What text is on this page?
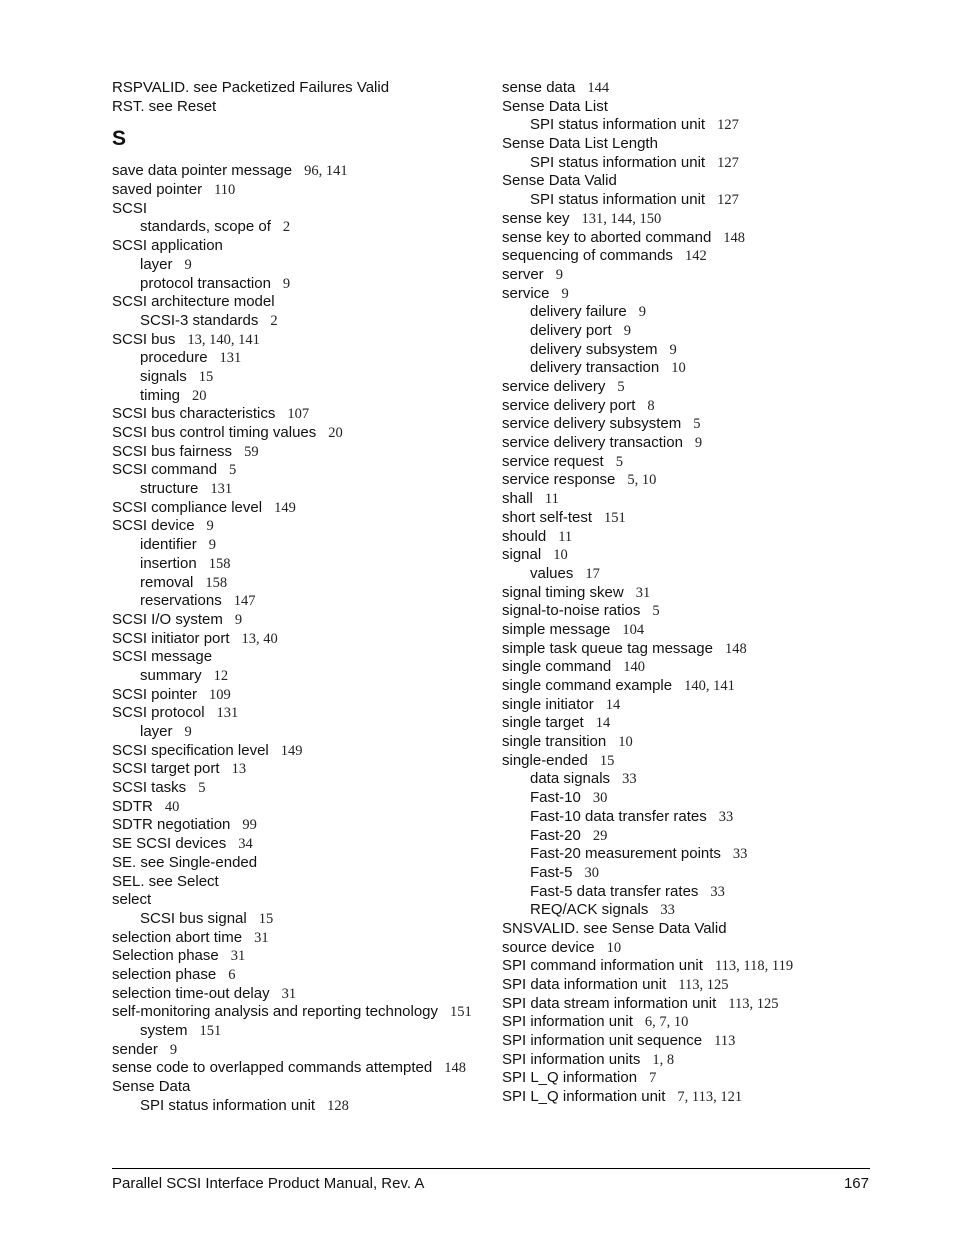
RSPVALID. see Packetized Failures Valid
RST. see Reset
S
save data pointer message 96, 141
saved pointer 110
SCSI
standards, scope of 2
SCSI application
layer 9
protocol transaction 9
SCSI architecture model
SCSI-3 standards 2
SCSI bus 13, 140, 141
procedure 131
signals 15
timing 20
SCSI bus characteristics 107
SCSI bus control timing values 20
SCSI bus fairness 59
SCSI command 5
structure 131
SCSI compliance level 149
SCSI device 9
identifier 9
insertion 158
removal 158
reservations 147
SCSI I/O system 9
SCSI initiator port 13, 40
SCSI message
summary 12
SCSI pointer 109
SCSI protocol 131
layer 9
SCSI specification level 149
SCSI target port 13
SCSI tasks 5
SDTR 40
SDTR negotiation 99
SE SCSI devices 34
SE. see Single-ended
SEL. see Select
select
SCSI bus signal 15
selection abort time 31
Selection phase 31
selection phase 6
selection time-out delay 31
self-monitoring analysis and reporting technology 151
system 151
sender 9
sense code to overlapped commands attempted 148
Sense Data
SPI status information unit 128
sense data 144
Sense Data List
SPI status information unit 127
Sense Data List Length
SPI status information unit 127
Sense Data Valid
SPI status information unit 127
sense key 131, 144, 150
sense key to aborted command 148
sequencing of commands 142
server 9
service 9
delivery failure 9
delivery port 9
delivery subsystem 9
delivery transaction 10
service delivery 5
service delivery port 8
service delivery subsystem 5
service delivery transaction 9
service request 5
service response 5, 10
shall 11
short self-test 151
should 11
signal 10
values 17
signal timing skew 31
signal-to-noise ratios 5
simple message 104
simple task queue tag message 148
single command 140
single command example 140, 141
single initiator 14
single target 14
single transition 10
single-ended 15
data signals 33
Fast-10 30
Fast-10 data transfer rates 33
Fast-20 29
Fast-20 measurement points 33
Fast-5 30
Fast-5 data transfer rates 33
REQ/ACK signals 33
SNSVALID. see Sense Data Valid
source device 10
SPI command information unit 113, 118, 119
SPI data information unit 113, 125
SPI data stream information unit 113, 125
SPI information unit 6, 7, 10
SPI information unit sequence 113
SPI information units 1, 8
SPI L_Q information 7
SPI L_Q information unit 7, 113, 121
Parallel SCSI Interface Product Manual, Rev. A	167
